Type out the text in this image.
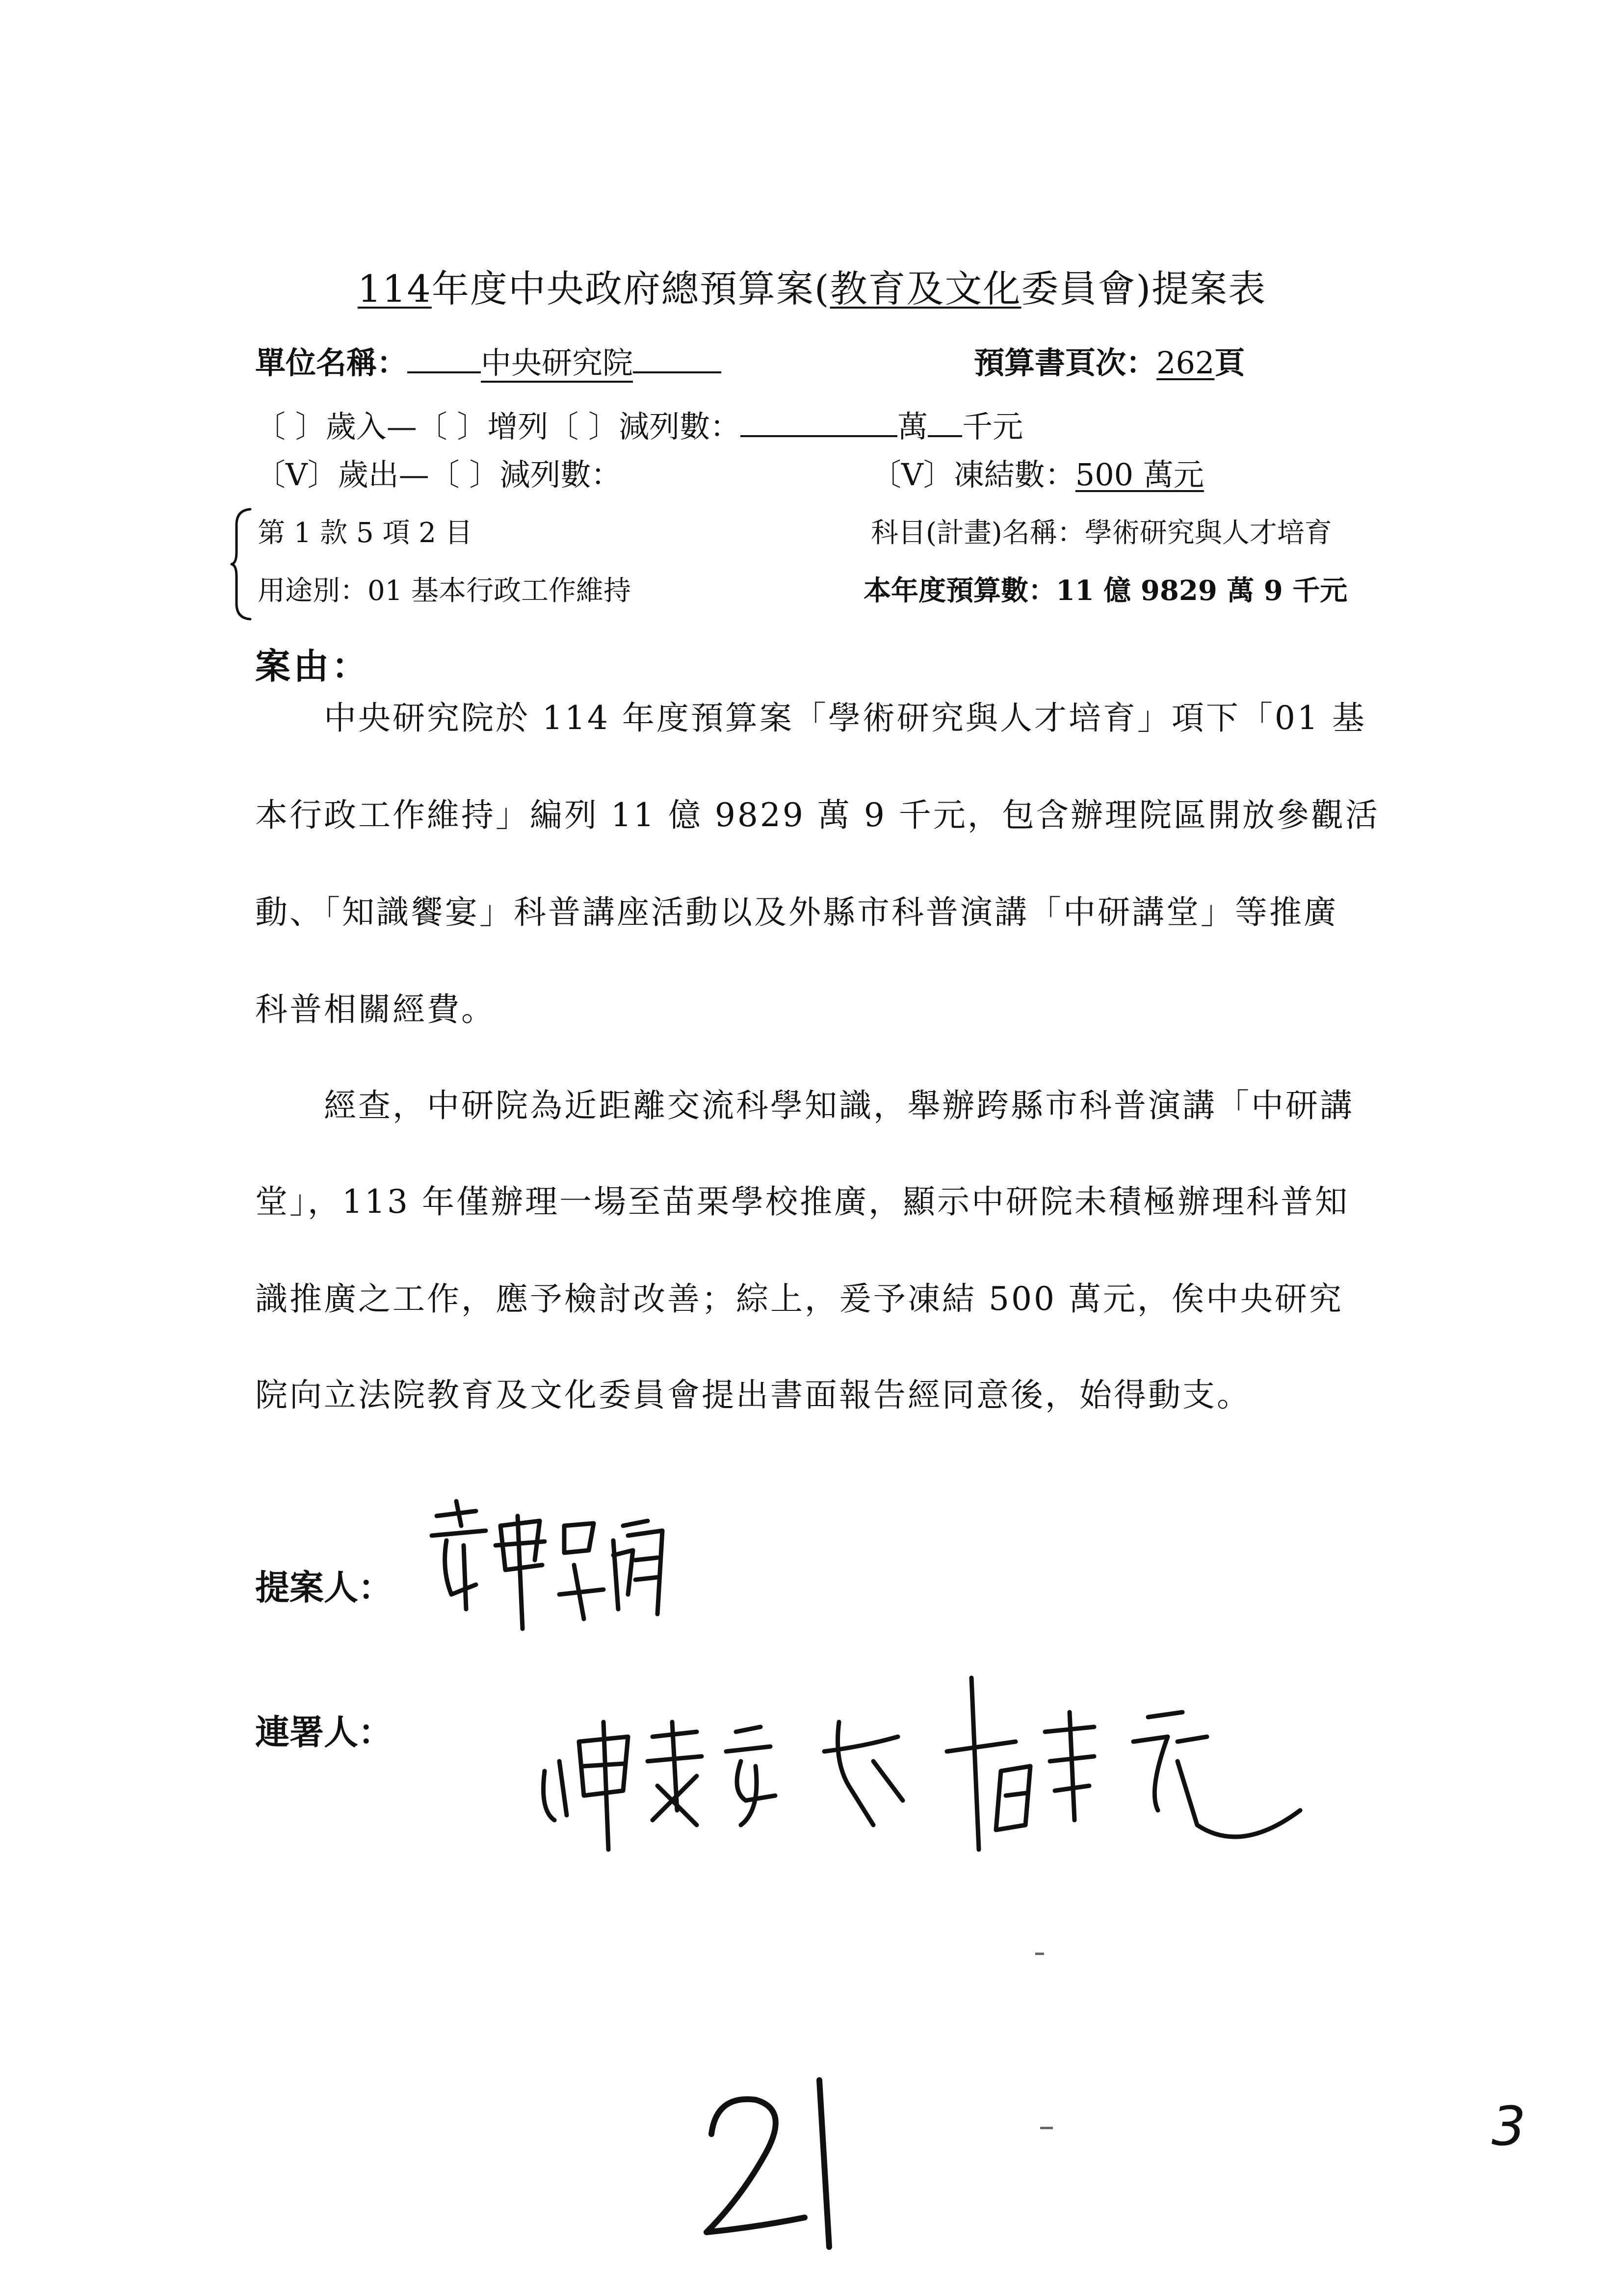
114年度中央政府總預算案(教育及文化委員會)提案表
單位名稱： 中央研究院	預算書頁次：262頁
〔 〕歲入—〔 〕增列〔 〕減列數：	萬 千元
〔V〕歲出—〔 〕減列數：	〔V〕凍結數：500 萬元
第 1 款 5 項 2 目	科目(計畫)名稱：學術研究與人才培育
用途別：01 基本行政工作維持	本年度預算數：11 億 9829 萬 9 千元
案由：
中央研究院於 114 年度預算案「學術研究與人才培育」項下「01 基
本行政工作維持」編列 11 億 9829 萬 9 千元，包含辦理院區開放參觀活
動、「知識饗宴」科普講座活動以及外縣市科普演講「中研講堂」等推廣
科普相關經費。
經查，中研院為近距離交流科學知識，舉辦跨縣市科普演講「中研講
堂」，113 年僅辦理一場至苗栗學校推廣，顯示中研院未積極辦理科普知
識推廣之工作，應予檢討改善；綜上，爰予凍結 500 萬元，俟中央研究
院向立法院教育及文化委員會提出書面報告經同意後，始得動支。
提案人：
連署人：
3
